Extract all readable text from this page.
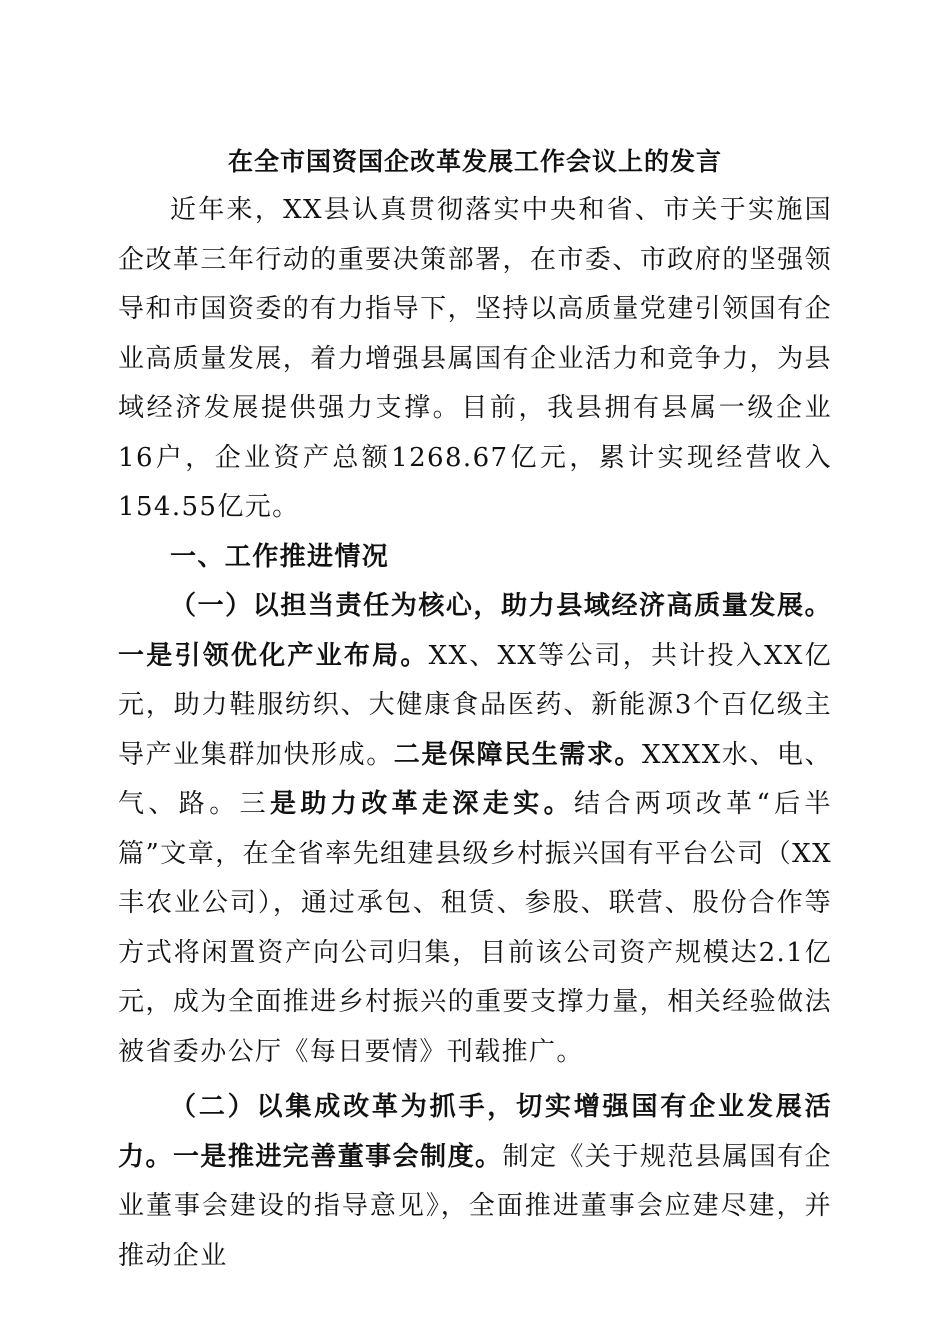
在全市国资国企改革发展工作会议上的发言

近年来，XX县认真贯彻落实中央和省、市关于实施国企改革三年行动的重要决策部署，在市委、市政府的坚强领导和市国资委的有力指导下，坚持以高质量党建引领国有企业高质量发展，着力增强县属国有企业活力和竞争力，为县域经济发展提供强力支撑。目前，我县拥有县属一级企业16户，企业资产总额1268.67亿元，累计实现经营收入154.55亿元。

一、工作推进情况

（一）以担当责任为核心，助力县域经济高质量发展。一是引领优化产业布局。XX、XX等公司，共计投入XX亿元，助力鞋服纺织、大健康食品医药、新能源3个百亿级主导产业集群加快形成。二是保障民生需求。XXXX水、电、气、路。三是助力改革走深走实。结合两项改革“后半篇”文章，在全省率先组建县级乡村振兴国有平台公司（XX丰农业公司），通过承包、租赁、参股、联营、股份合作等方式将闲置资产向公司归集，目前该公司资产规模达2.1亿元，成为全面推进乡村振兴的重要支撑力量，相关经验做法被省委办公厅《每日要情》刊载推广。

（二）以集成改革为抓手，切实增强国有企业发展活力。一是推进完善董事会制度。制定《关于规范县属国有企业董事会建设的指导意见》，全面推进董事会应建尽建，并推动企业
